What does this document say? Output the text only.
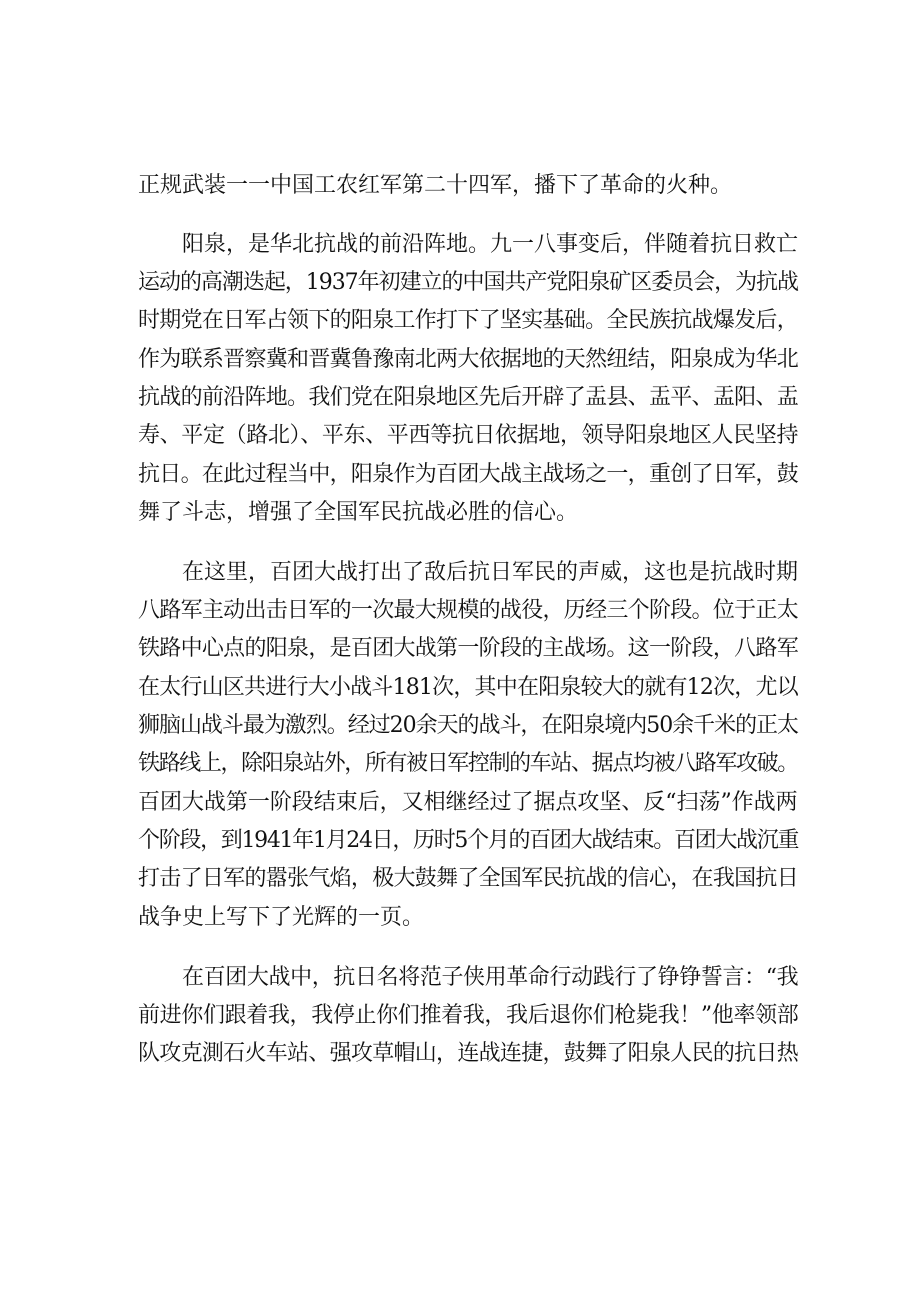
正规武装一一中国工农红军第二十四军，播下了革命的火种。
阳泉，是华北抗战的前沿阵地。九一八事变后，伴随着抗日救亡
运动的高潮迭起，1937年初建立的中国共产党阳泉矿区委员会，为抗战
时期党在日军占领下的阳泉工作打下了坚实基础。全民族抗战爆发后，
作为联系晋察冀和晋冀鲁豫南北两大依据地的天然纽结，阳泉成为华北
抗战的前沿阵地。我们党在阳泉地区先后开辟了盂县、盂平、盂阳、盂
寿、平定（路北）、平东、平西等抗日依据地，领导阳泉地区人民坚持
抗日。在此过程当中，阳泉作为百团大战主战场之一，重创了日军，鼓
舞了斗志，增强了全国军民抗战必胜的信心。
在这里，百团大战打出了敌后抗日军民的声威，这也是抗战时期
八路军主动出击日军的一次最大规模的战役，历经三个阶段。位于正太
铁路中心点的阳泉，是百团大战第一阶段的主战场。这一阶段，八路军
在太行山区共进行大小战斗181次，其中在阳泉较大的就有12次，尤以
狮脑山战斗最为激烈。经过20余天的战斗，在阳泉境内50余千米的正太
铁路线上，除阳泉站外，所有被日军控制的车站、据点均被八路军攻破。
百团大战第一阶段结束后，又相继经过了据点攻坚、反“扫荡”作战两
个阶段，到1941年1月24日，历时5个月的百团大战结束。百团大战沉重
打击了日军的嚣张气焰，极大鼓舞了全国军民抗战的信心，在我国抗日
战争史上写下了光辉的一页。
在百团大战中，抗日名将范子侠用革命行动践行了铮铮誓言：“我
前进你们跟着我，我停止你们推着我，我后退你们枪毙我！”他率领部
队攻克測石火车站、强攻草帽山，连战连捷，鼓舞了阳泉人民的抗日热
